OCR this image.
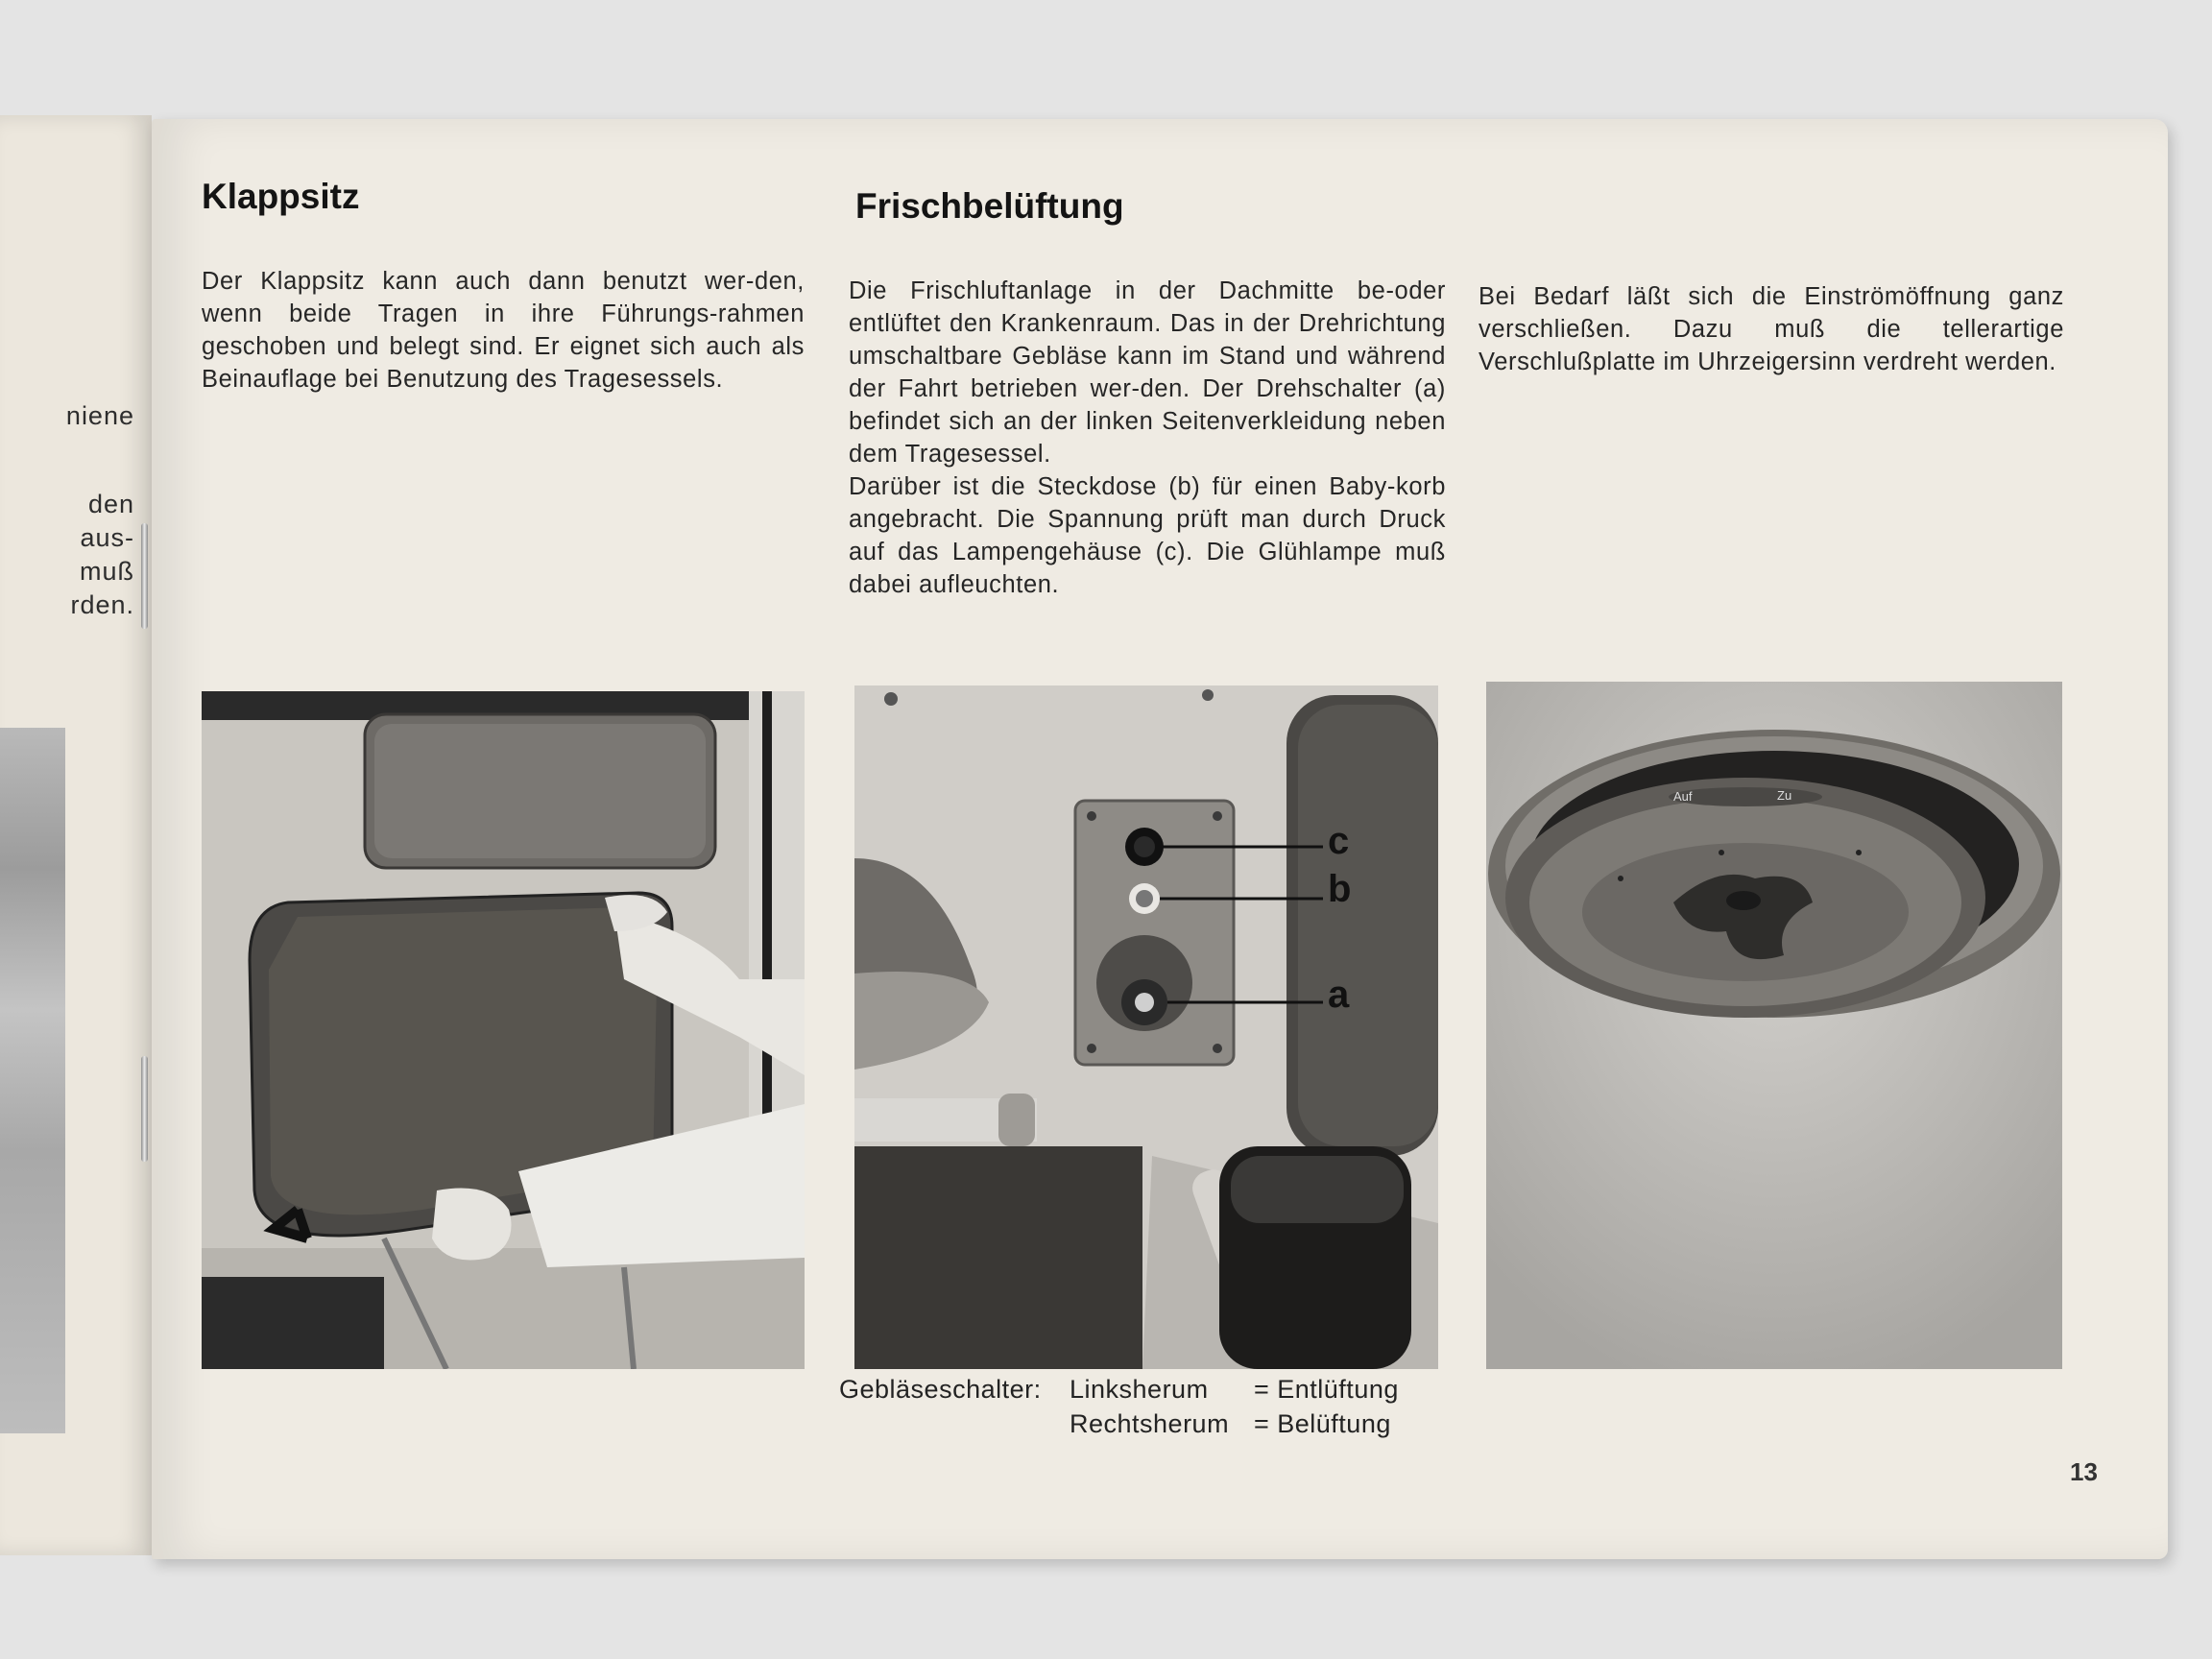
niene
den
aus-
muß
rden.
Klappsitz

Der Klappsitz kann auch dann benutzt wer-den, wenn beide Tragen in ihre Führungs-rahmen geschoben und belegt sind. Er eignet sich auch als Beinauflage bei Benutzung des Tragesessels.

Frischbelüftung

Die Frischluftanlage in der Dachmitte be-oder entlüftet den Krankenraum. Das in der Drehrichtung umschaltbare Gebläse kann im Stand und während der Fahrt betrieben wer-den. Der Drehschalter (a) befindet sich an der linken Seitenverkleidung neben dem Tragesessel.

Darüber ist die Steckdose (b) für einen Baby-korb angebracht. Die Spannung prüft man durch Druck auf das Lampengehäuse (c). Die Glühlampe muß dabei aufleuchten.

Bei Bedarf läßt sich die Einströmöffnung ganz verschließen. Dazu muß die tellerartige Verschlußplatte im Uhrzeigersinn verdreht werden.

c
b
a
Auf	Zu
Gebläseschalter: Linksherum = Entlüftung
Rechtsherum = Belüftung
13
